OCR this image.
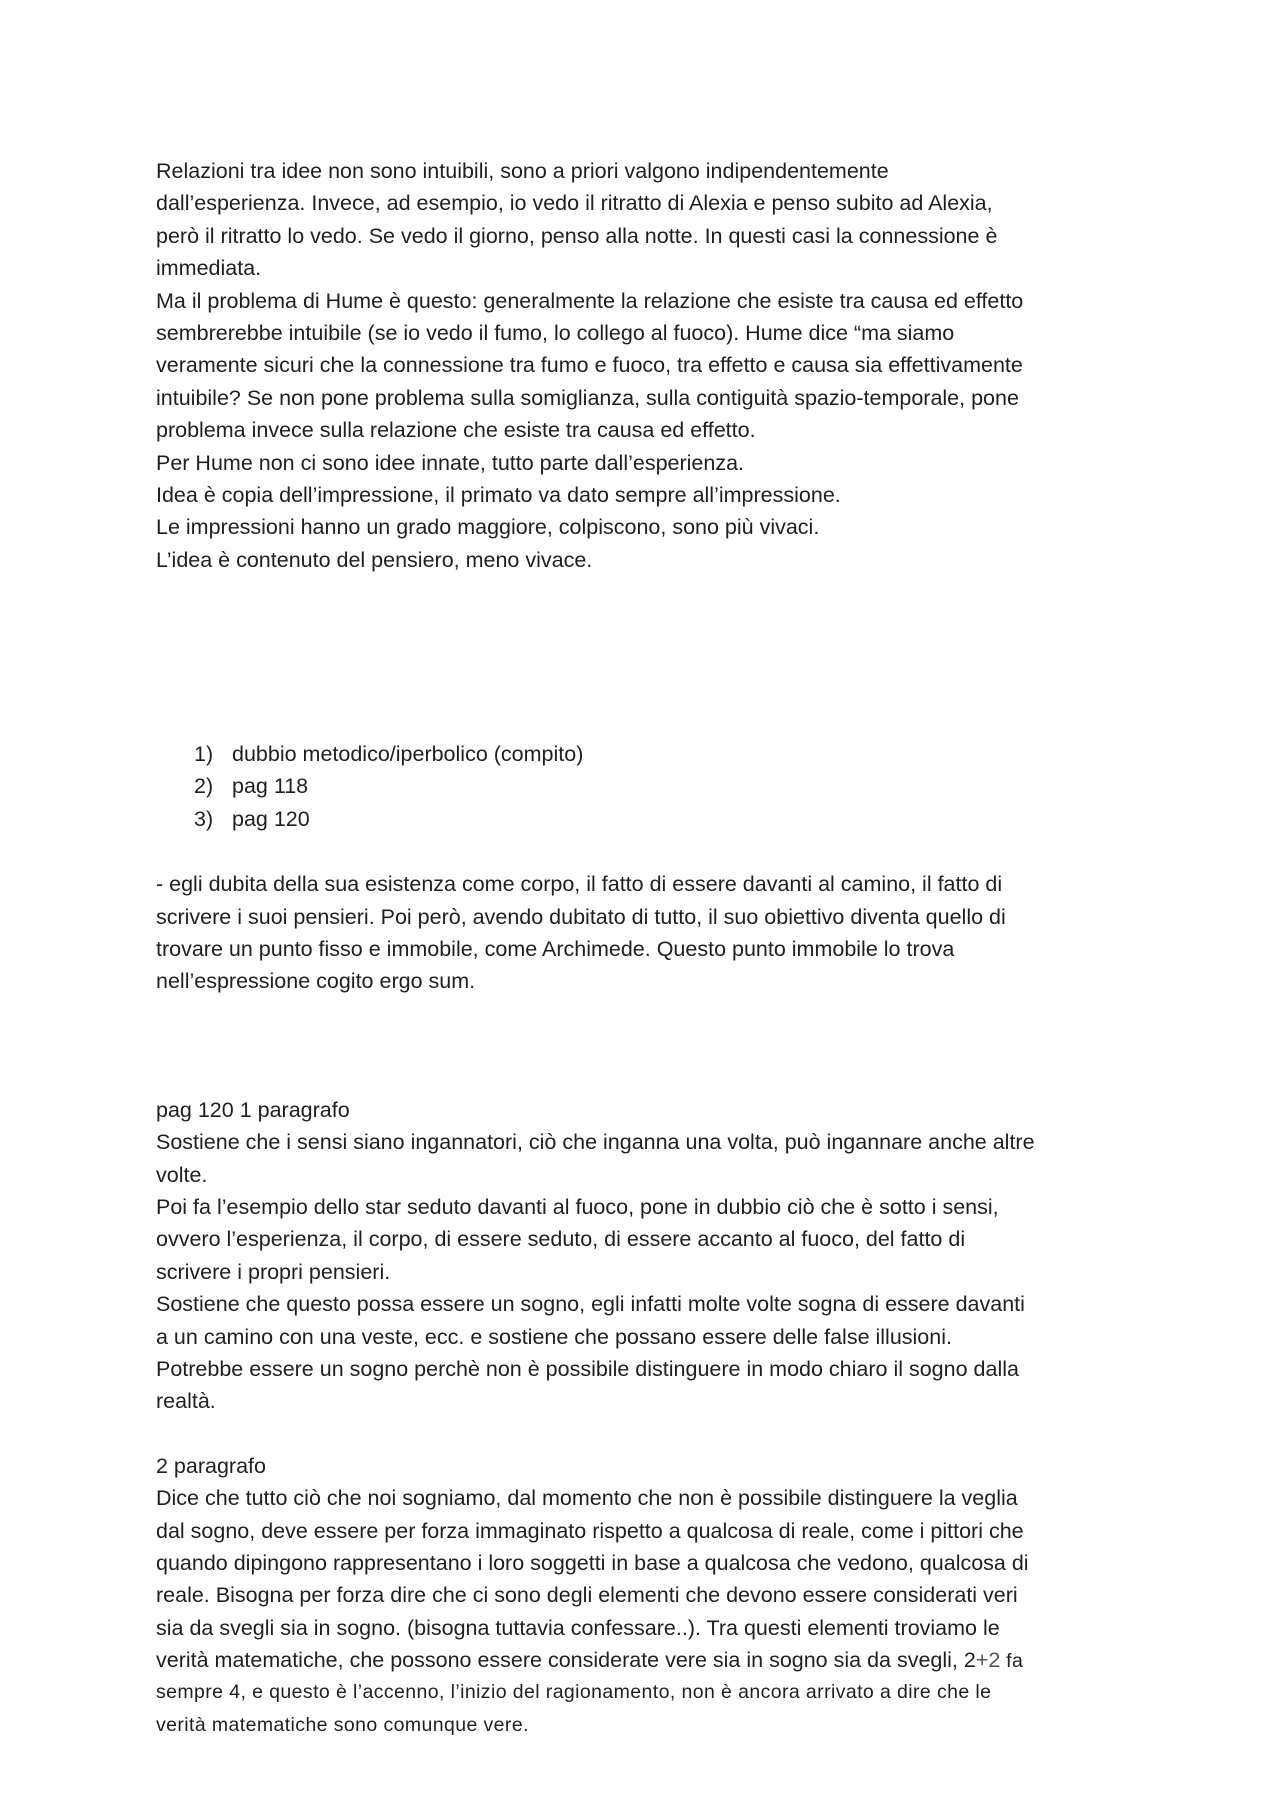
Relazioni tra idee non sono intuibili, sono a priori valgono indipendentemente
dall’esperienza. Invece, ad esempio, io vedo il ritratto di Alexia e penso subito ad Alexia,
però il ritratto lo vedo. Se vedo il giorno, penso alla notte. In questi casi la connessione è
immediata.
Ma il problema di Hume è questo: generalmente la relazione che esiste tra causa ed effetto
sembrerebbe intuibile (se io vedo il fumo, lo collego al fuoco). Hume dice “ma siamo
veramente sicuri che la connessione tra fumo e fuoco, tra effetto e causa sia effettivamente
intuibile? Se non pone problema sulla somiglianza, sulla contiguità spazio-temporale, pone
problema invece sulla relazione che esiste tra causa ed effetto.
Per Hume non ci sono idee innate, tutto parte dall’esperienza.
Idea è copia dell’impressione, il primato va dato sempre all’impressione.
Le impressioni hanno un grado maggiore, colpiscono, sono più vivaci.
L’idea è contenuto del pensiero, meno vivace.
1) dubbio metodico/iperbolico (compito)
2) pag 118
3) pag 120
- egli dubita della sua esistenza come corpo, il fatto di essere davanti al camino, il fatto di
scrivere i suoi pensieri. Poi però, avendo dubitato di tutto, il suo obiettivo diventa quello di
trovare un punto fisso e immobile, come Archimede. Questo punto immobile lo trova
nell’espressione cogito ergo sum.
pag 120 1 paragrafo
Sostiene che i sensi siano ingannatori, ciò che inganna una volta, può ingannare anche altre
volte.
Poi fa l’esempio dello star seduto davanti al fuoco, pone in dubbio ciò che è sotto i sensi,
ovvero l’esperienza, il corpo, di essere seduto, di essere accanto al fuoco, del fatto di
scrivere i propri pensieri.
Sostiene che questo possa essere un sogno, egli infatti molte volte sogna di essere davanti
a un camino con una veste, ecc. e sostiene che possano essere delle false illusioni.
Potrebbe essere un sogno perchè non è possibile distinguere in modo chiaro il sogno dalla
realtà.
2 paragrafo
Dice che tutto ciò che noi sogniamo, dal momento che non è possibile distinguere la veglia
dal sogno, deve essere per forza immaginato rispetto a qualcosa di reale, come i pittori che
quando dipingono rappresentano i loro soggetti in base a qualcosa che vedono, qualcosa di
reale. Bisogna per forza dire che ci sono degli elementi che devono essere considerati veri
sia da svegli sia in sogno. (bisogna tuttavia confessare..). Tra questi elementi troviamo le
verità matematiche, che possono essere considerate vere sia in sogno sia da svegli, 2+2 fa
sempre 4, e questo è l’accenno, l’inizio del ragionamento, non è ancora arrivato a dire che le
verità matematiche sono comunque vere.
